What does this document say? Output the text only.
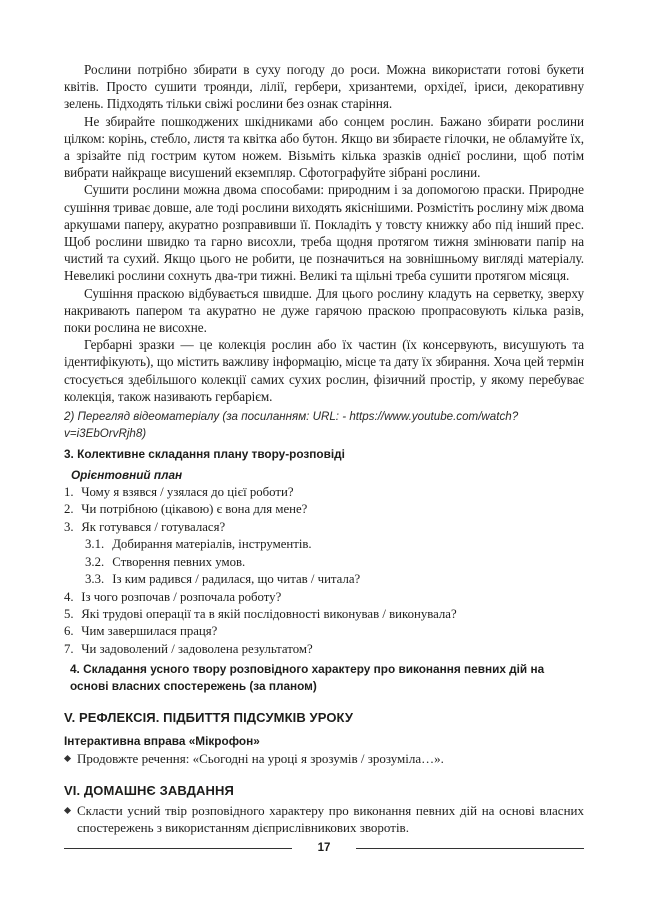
Рослини потрібно збирати в суху погоду до роси. Можна використати готові букети квітів. Просто сушити троянди, лілії, гербери, хризантеми, орхідеї, іриси, декоративну зелень. Підходять тільки свіжі рослини без ознак старіння.

Не збирайте пошкоджених шкідниками або сонцем рослин. Бажано збирати рослини цілком: корінь, стебло, листя та квітка або бутон. Якщо ви збираєте гілочки, не обламуйте їх, а зрізайте під гострим кутом ножем. Візьміть кілька зразків однієї рослини, щоб потім вибрати найкраще висушений екземпляр. Сфотографуйте зібрані рослини.

Сушити рослини можна двома способами: природним і за допомогою праски. Природне сушіння триває довше, але тоді рослини виходять якіснішими. Розмістіть рослину між двома аркушами паперу, акуратно розправивши її. Покладіть у товсту книжку або під інший прес. Щоб рослини швидко та гарно висохли, треба щодня протягом тижня змінювати папір на чистий та сухий. Якщо цього не робити, це позначиться на зовнішньому вигляді матеріалу. Невеликі рослини сохнуть два-три тижні. Великі та щільні треба сушити протягом місяця.

Сушіння праскою відбувається швидше. Для цього рослину кладуть на серветку, зверху накривають папером та акуратно не дуже гарячою праскою пропрасовують кілька разів, поки рослина не висохне.

Гербарні зразки — це колекція рослин або їх частин (їх консервують, висушують та ідентифікують), що містить важливу інформацію, місце та дату їх збирання. Хоча цей термін стосується здебільшого колекції самих сухих рослин, фізичний простір, у якому перебуває колекція, також називають гербарієм.

2) Перегляд відеоматеріалу (за посиланням: URL: - https://www.youtube.com/watch?v=i3EbOrvRjh8)
3. Колективне складання плану твору-розповіді
Орієнтовний план
1. Чому я взявся / узялася до цієї роботи?
2. Чи потрібною (цікавою) є вона для мене?
3. Як готувався / готувалася?
3.1. Добирання матеріалів, інструментів.
3.2. Створення певних умов.
3.3. Із ким радився / радилася, що читав / читала?
4. Із чого розпочав / розпочала роботу?
5. Які трудові операції та в якій послідовності виконував / виконувала?
6. Чим завершилася праця?
7. Чи задоволений / задоволена результатом?
4. Складання усного твору розповідного характеру про виконання певних дій на основі власних спостережень (за планом)
V. РЕФЛЕКСІЯ. ПІДБИТТЯ ПІДСУМКІВ УРОКУ
Інтерактивна вправа «Мікрофон»
Продовжте речення: «Сьогодні на уроці я зрозумів / зрозуміла…».
VI. ДОМАШНЄ ЗАВДАННЯ
Скласти усний твір розповідного характеру про виконання певних дій на основі власних спостережень з використанням дієприслівникових зворотів.
17
